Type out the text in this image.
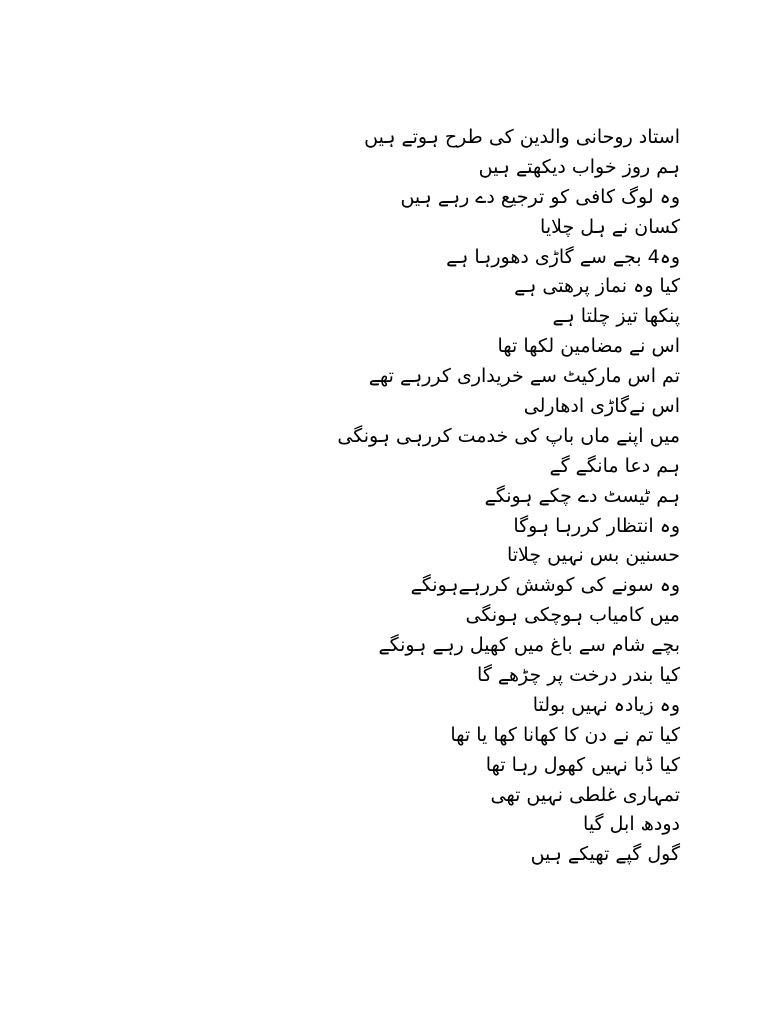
استاد روحانی والدین کی طرح ہوتے ہیں
ہم روز خواب دیکھتے ہیں
وہ لوگ کافی کو ترجیع دے رہے ہیں
کسان نے ہل چلایا
وہ4 بجے سے گاڑی دھورہا ہے
کیا وہ نماز پرھتی ہے
پنکھا تیز چلتا ہے
اس نے مضامین لکھا تھا
تم اس مارکیٹ سے خریداری کررہے تھے
اس نےگاڑی ادھارلی
میں اپنے ماں باپ کی خدمت کررہی ہونگی
ہم دعا مانگے گے
ہم ٹیسٹ دے چکے ہونگے
وہ انتظار کررہا ہوگا
حسنین بس نہیں چلاتا
وہ سونے کی کوشش کررہےہونگے
میں کامیاب ہوچکی ہونگی
بچے شام سے باغ میں کھیل رہے ہونگے
کیا بندر درخت پر چڑھے گا
وہ زیادہ نہیں بولتا
کیا تم نے دن کا کھانا کھا یا تھا
کیا ڈبا نہیں کھول رہا تھا
تمہاری غلطی نہیں تھی
دودھ ابل گیا
گول گپے تھیکے ہیں
